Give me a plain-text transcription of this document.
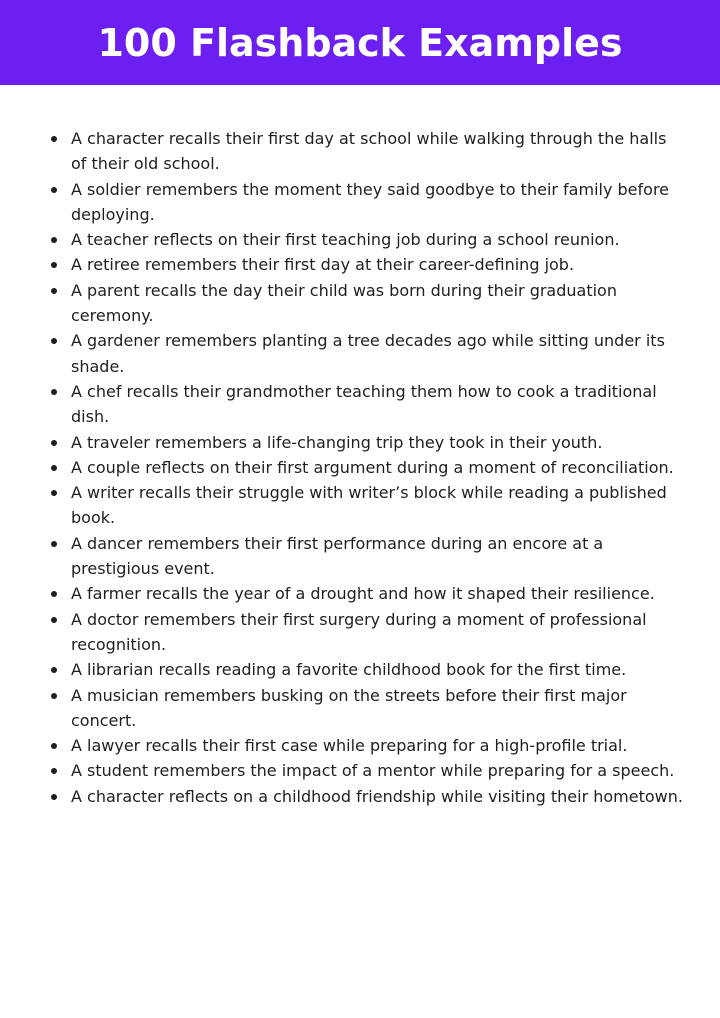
100 Flashback Examples
A character recalls their first day at school while walking through the halls of their old school.
A soldier remembers the moment they said goodbye to their family before deploying.
A teacher reflects on their first teaching job during a school reunion.
A retiree remembers their first day at their career-defining job.
A parent recalls the day their child was born during their graduation ceremony.
A gardener remembers planting a tree decades ago while sitting under its shade.
A chef recalls their grandmother teaching them how to cook a traditional dish.
A traveler remembers a life-changing trip they took in their youth.
A couple reflects on their first argument during a moment of reconciliation.
A writer recalls their struggle with writer’s block while reading a published book.
A dancer remembers their first performance during an encore at a prestigious event.
A farmer recalls the year of a drought and how it shaped their resilience.
A doctor remembers their first surgery during a moment of professional recognition.
A librarian recalls reading a favorite childhood book for the first time.
A musician remembers busking on the streets before their first major concert.
A lawyer recalls their first case while preparing for a high-profile trial.
A student remembers the impact of a mentor while preparing for a speech.
A character reflects on a childhood friendship while visiting their hometown.
